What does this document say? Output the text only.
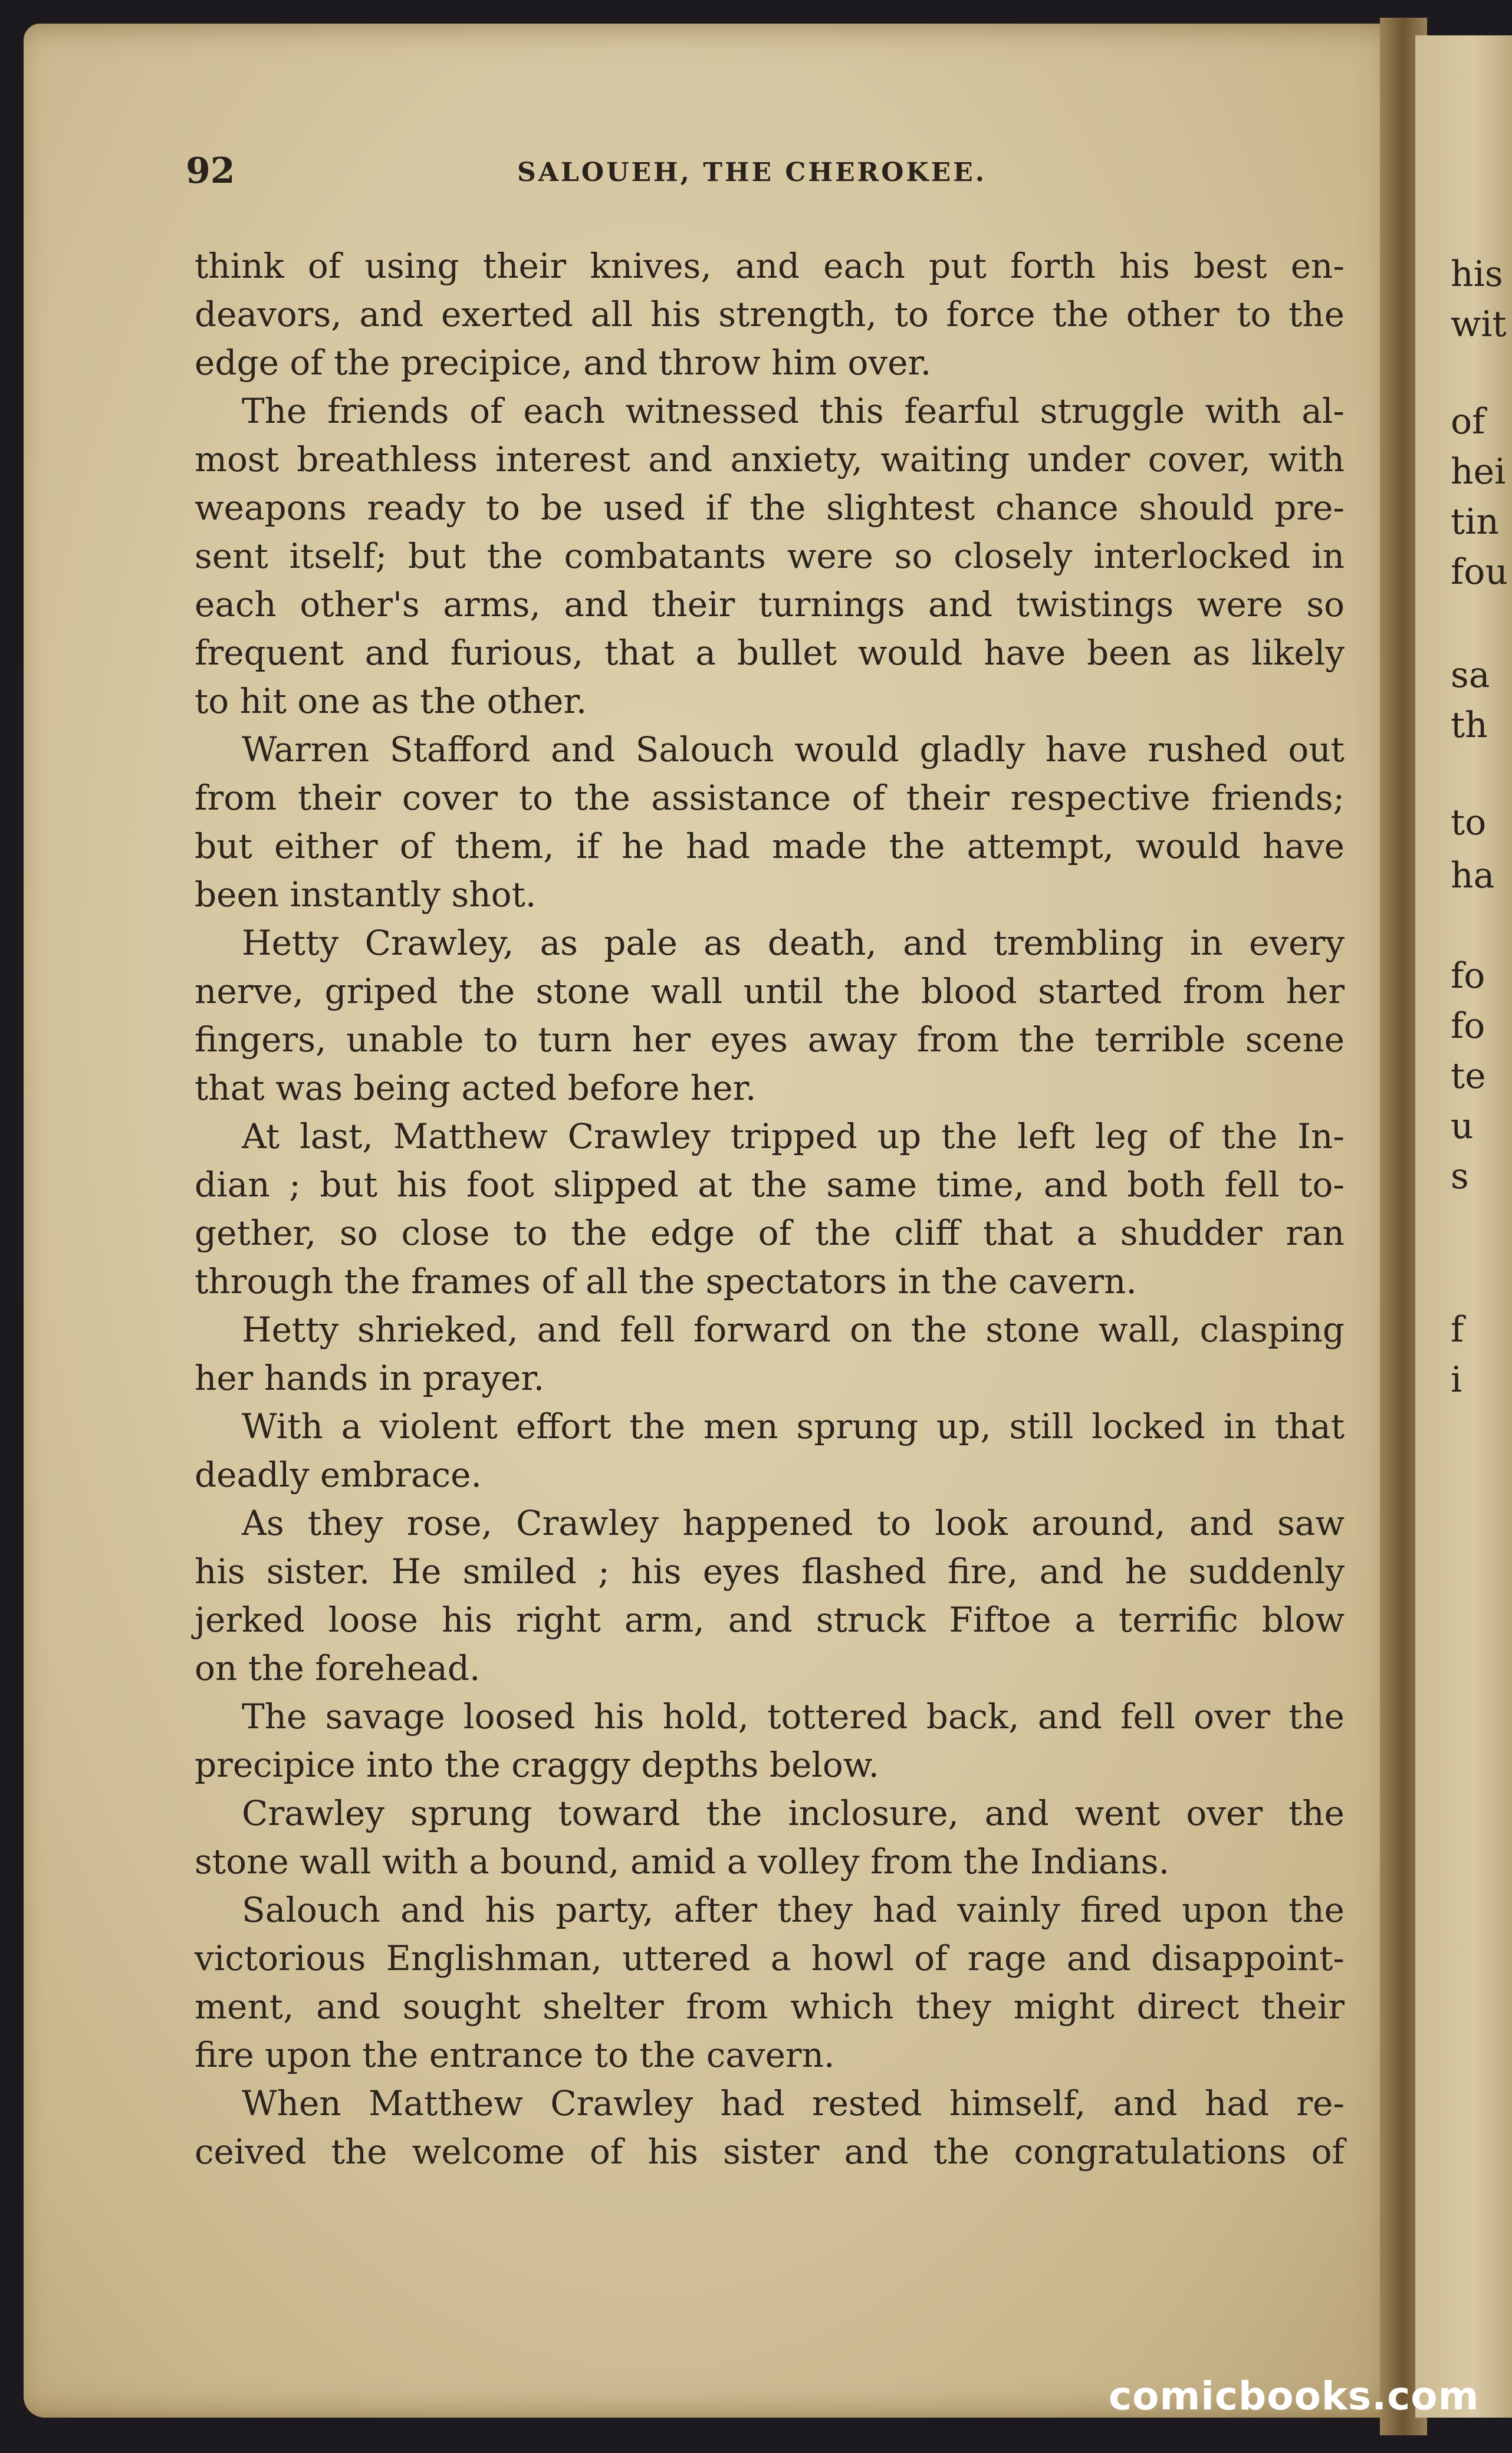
his
wit
of
hei
tin
fou
sa
th
to
ha
fo
fo
te
u
s
f
i
92	SALOUEH, THE CHEROKEE.
think of using their knives, and each put forth his best en-
deavors, and exerted all his strength, to force the other to the
edge of the precipice, and throw him over.
The friends of each witnessed this fearful struggle with al-
most breathless interest and anxiety, waiting under cover, with
weapons ready to be used if the slightest chance should pre-
sent itself; but the combatants were so closely interlocked in
each other's arms, and their turnings and twistings were so
frequent and furious, that a bullet would have been as likely
to hit one as the other.
Warren Stafford and Salouch would gladly have rushed out
from their cover to the assistance of their respective friends;
but either of them, if he had made the attempt, would have
been instantly shot.
Hetty Crawley, as pale as death, and trembling in every
nerve, griped the stone wall until the blood started from her
fingers, unable to turn her eyes away from the terrible scene
that was being acted before her.
At last, Matthew Crawley tripped up the left leg of the In-
dian ; but his foot slipped at the same time, and both fell to-
gether, so close to the edge of the cliff that a shudder ran
through the frames of all the spectators in the cavern.
Hetty shrieked, and fell forward on the stone wall, clasping
her hands in prayer.
With a violent effort the men sprung up, still locked in that
deadly embrace.
As they rose, Crawley happened to look around, and saw
his sister. He smiled ; his eyes flashed fire, and he suddenly
jerked loose his right arm, and struck Fiftoe a terrific blow
on the forehead.
The savage loosed his hold, tottered back, and fell over the
precipice into the craggy depths below.
Crawley sprung toward the inclosure, and went over the
stone wall with a bound, amid a volley from the Indians.
Salouch and his party, after they had vainly fired upon the
victorious Englishman, uttered a howl of rage and disappoint-
ment, and sought shelter from which they might direct their
fire upon the entrance to the cavern.
When Matthew Crawley had rested himself, and had re-
ceived the welcome of his sister and the congratulations of
comicbooks.com
